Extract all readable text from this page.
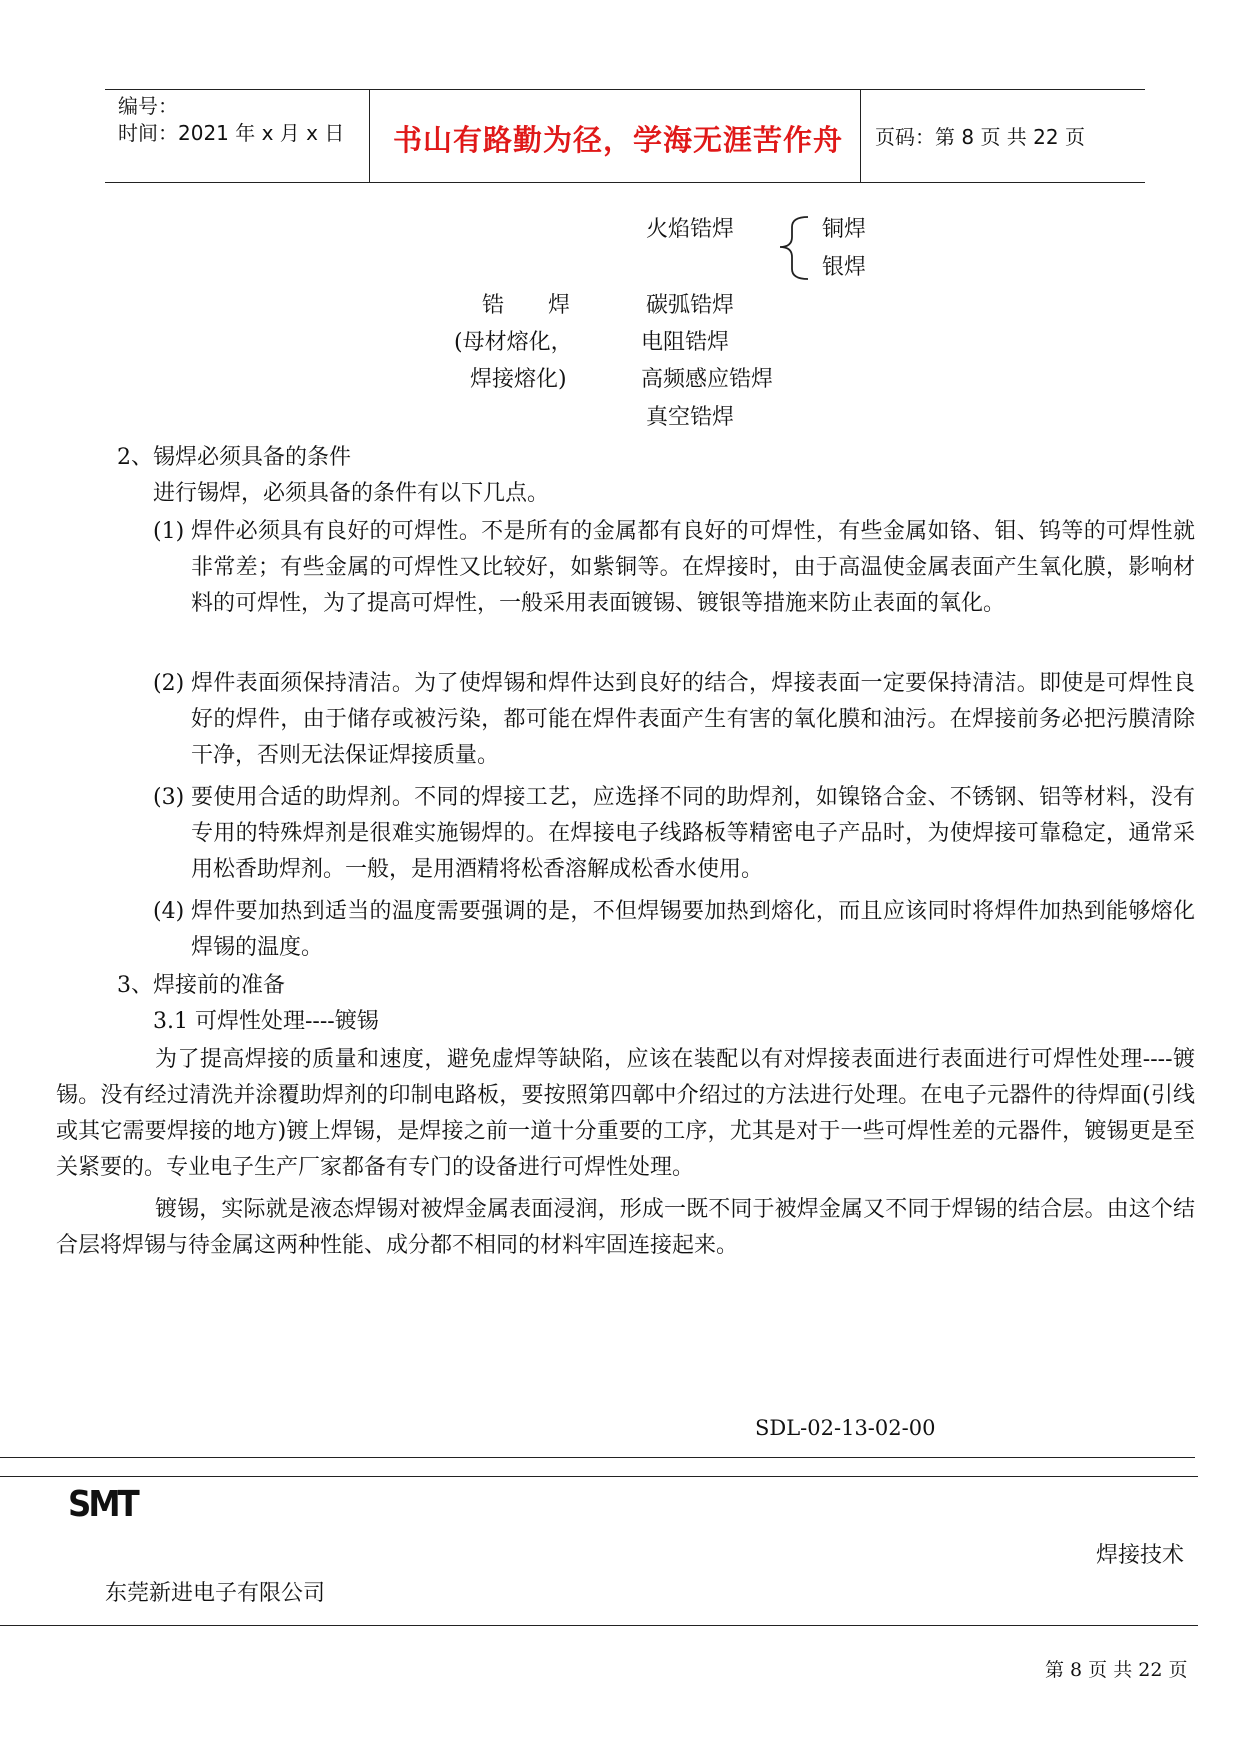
编号：
时间：2021 年 x 月 x 日 书山有路勤为径，学海无涯苦作舟 页码：第 8 页 共 22 页
火焰锆焊	铜焊
银焊
锆　　焊
(母材熔化，
焊接熔化)
碳弧锆焊
电阻锆焊
高频感应锆焊
真空锆焊
2、锡焊必须具备的条件
进行锡焊，必须具备的条件有以下几点。
(1) 焊件必须具有良好的可焊性。不是所有的金属都有良好的可焊性，有些金属如铬、钼、钨等的可焊性就非常差；有些金属的可焊性又比较好，如紫铜等。在焊接时，由于高温使金属表面产生氧化膜，影响材料的可焊性，为了提高可焊性，一般采用表面镀锡、镀银等措施来防止表面的氧化。
(2) 焊件表面须保持清洁。为了使焊锡和焊件达到良好的结合，焊接表面一定要保持清洁。即使是可焊性良好的焊件，由于储存或被污染，都可能在焊件表面产生有害的氧化膜和油污。在焊接前务必把污膜清除干净，否则无法保证焊接质量。
(3) 要使用合适的助焊剂。不同的焊接工艺，应选择不同的助焊剂，如镍铬合金、不锈钢、铝等材料，没有专用的特殊焊剂是很难实施锡焊的。在焊接电子线路板等精密电子产品时，为使焊接可靠稳定，通常采用松香助焊剂。一般，是用酒精将松香溶解成松香水使用。
(4) 焊件要加热到适当的温度需要强调的是，不但焊锡要加热到熔化，而且应该同时将焊件加热到能够熔化焊锡的温度。
3、焊接前的准备
3.1 可焊性处理----镀锡

为了提高焊接的质量和速度，避免虚焊等缺陷，应该在装配以有对焊接表面进行表面进行可焊性处理----镀锡。没有经过清洗并涂覆助焊剂的印制电路板，要按照第四鄣中介绍过的方法进行处理。在电子元器件的待焊面(引线或其它需要焊接的地方)镀上焊锡，是焊接之前一道十分重要的工序，尤其是对于一些可焊性差的元器件，镀锡更是至关紧要的。专业电子生产厂家都备有专门的设备进行可焊性处理。

镀锡，实际就是液态焊锡对被焊金属表面浸润，形成一既不同于被焊金属又不同于焊锡的结合层。由这个结合层将焊锡与待金属这两种性能、成分都不相同的材料牢固连接起来。

SDL-02-13-02-00
SMT
焊接技术
东莞新进电子有限公司
第 8 页 共 22 页
